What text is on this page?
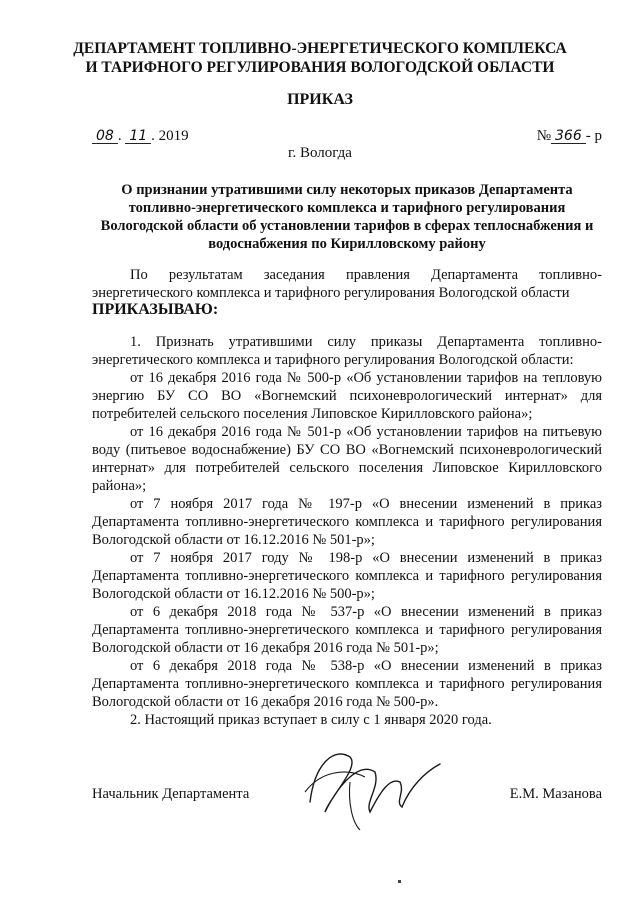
ДЕПАРТАМЕНТ ТОПЛИВНО-ЭНЕРГЕТИЧЕСКОГО КОМПЛЕКСА
И ТАРИФНОГО РЕГУЛИРОВАНИЯ ВОЛОГОДСКОЙ ОБЛАСТИ
ПРИКАЗ
08 . 11 . 2019	№ 366 - р
г. Вологда
О признании утратившими силу некоторых приказов Департамента топливно-энергетического комплекса и тарифного регулирования Вологодской области об установлении тарифов в сферах теплоснабжения и водоснабжения по Кирилловскому району
По результатам заседания правления Департамента топливно-энергетического комплекса и тарифного регулирования Вологодской области
ПРИКАЗЫВАЮ:
1. Признать утратившими силу приказы Департамента топливно-энергетического комплекса и тарифного регулирования Вологодской области:
от 16 декабря 2016 года № 500-р «Об установлении тарифов на тепловую энергию БУ СО ВО «Вогнемский психоневрологический интернат» для потребителей сельского поселения Липовское Кирилловского района»;
от 16 декабря 2016 года № 501-р «Об установлении тарифов на питьевую воду (питьевое водоснабжение) БУ СО ВО «Вогнемский психоневрологический интернат» для потребителей сельского поселения Липовское Кирилловского района»;
от 7 ноября 2017 года № 197-р «О внесении изменений в приказ Департамента топливно-энергетического комплекса и тарифного регулирования Вологодской области от 16.12.2016 № 501-р»;
от 7 ноября 2017 году № 198-р «О внесении изменений в приказ Департамента топливно-энергетического комплекса и тарифного регулирования Вологодской области от 16.12.2016 № 500-р»;
от 6 декабря 2018 года № 537-р «О внесении изменений в приказ Департамента топливно-энергетического комплекса и тарифного регулирования Вологодской области от 16 декабря 2016 года № 501-р»;
от 6 декабря 2018 года № 538-р «О внесении изменений в приказ Департамента топливно-энергетического комплекса и тарифного регулирования Вологодской области от 16 декабря 2016 года № 500-р».
2. Настоящий приказ вступает в силу с 1 января 2020 года.
Начальник Департамента	Е.М. Мазанова
